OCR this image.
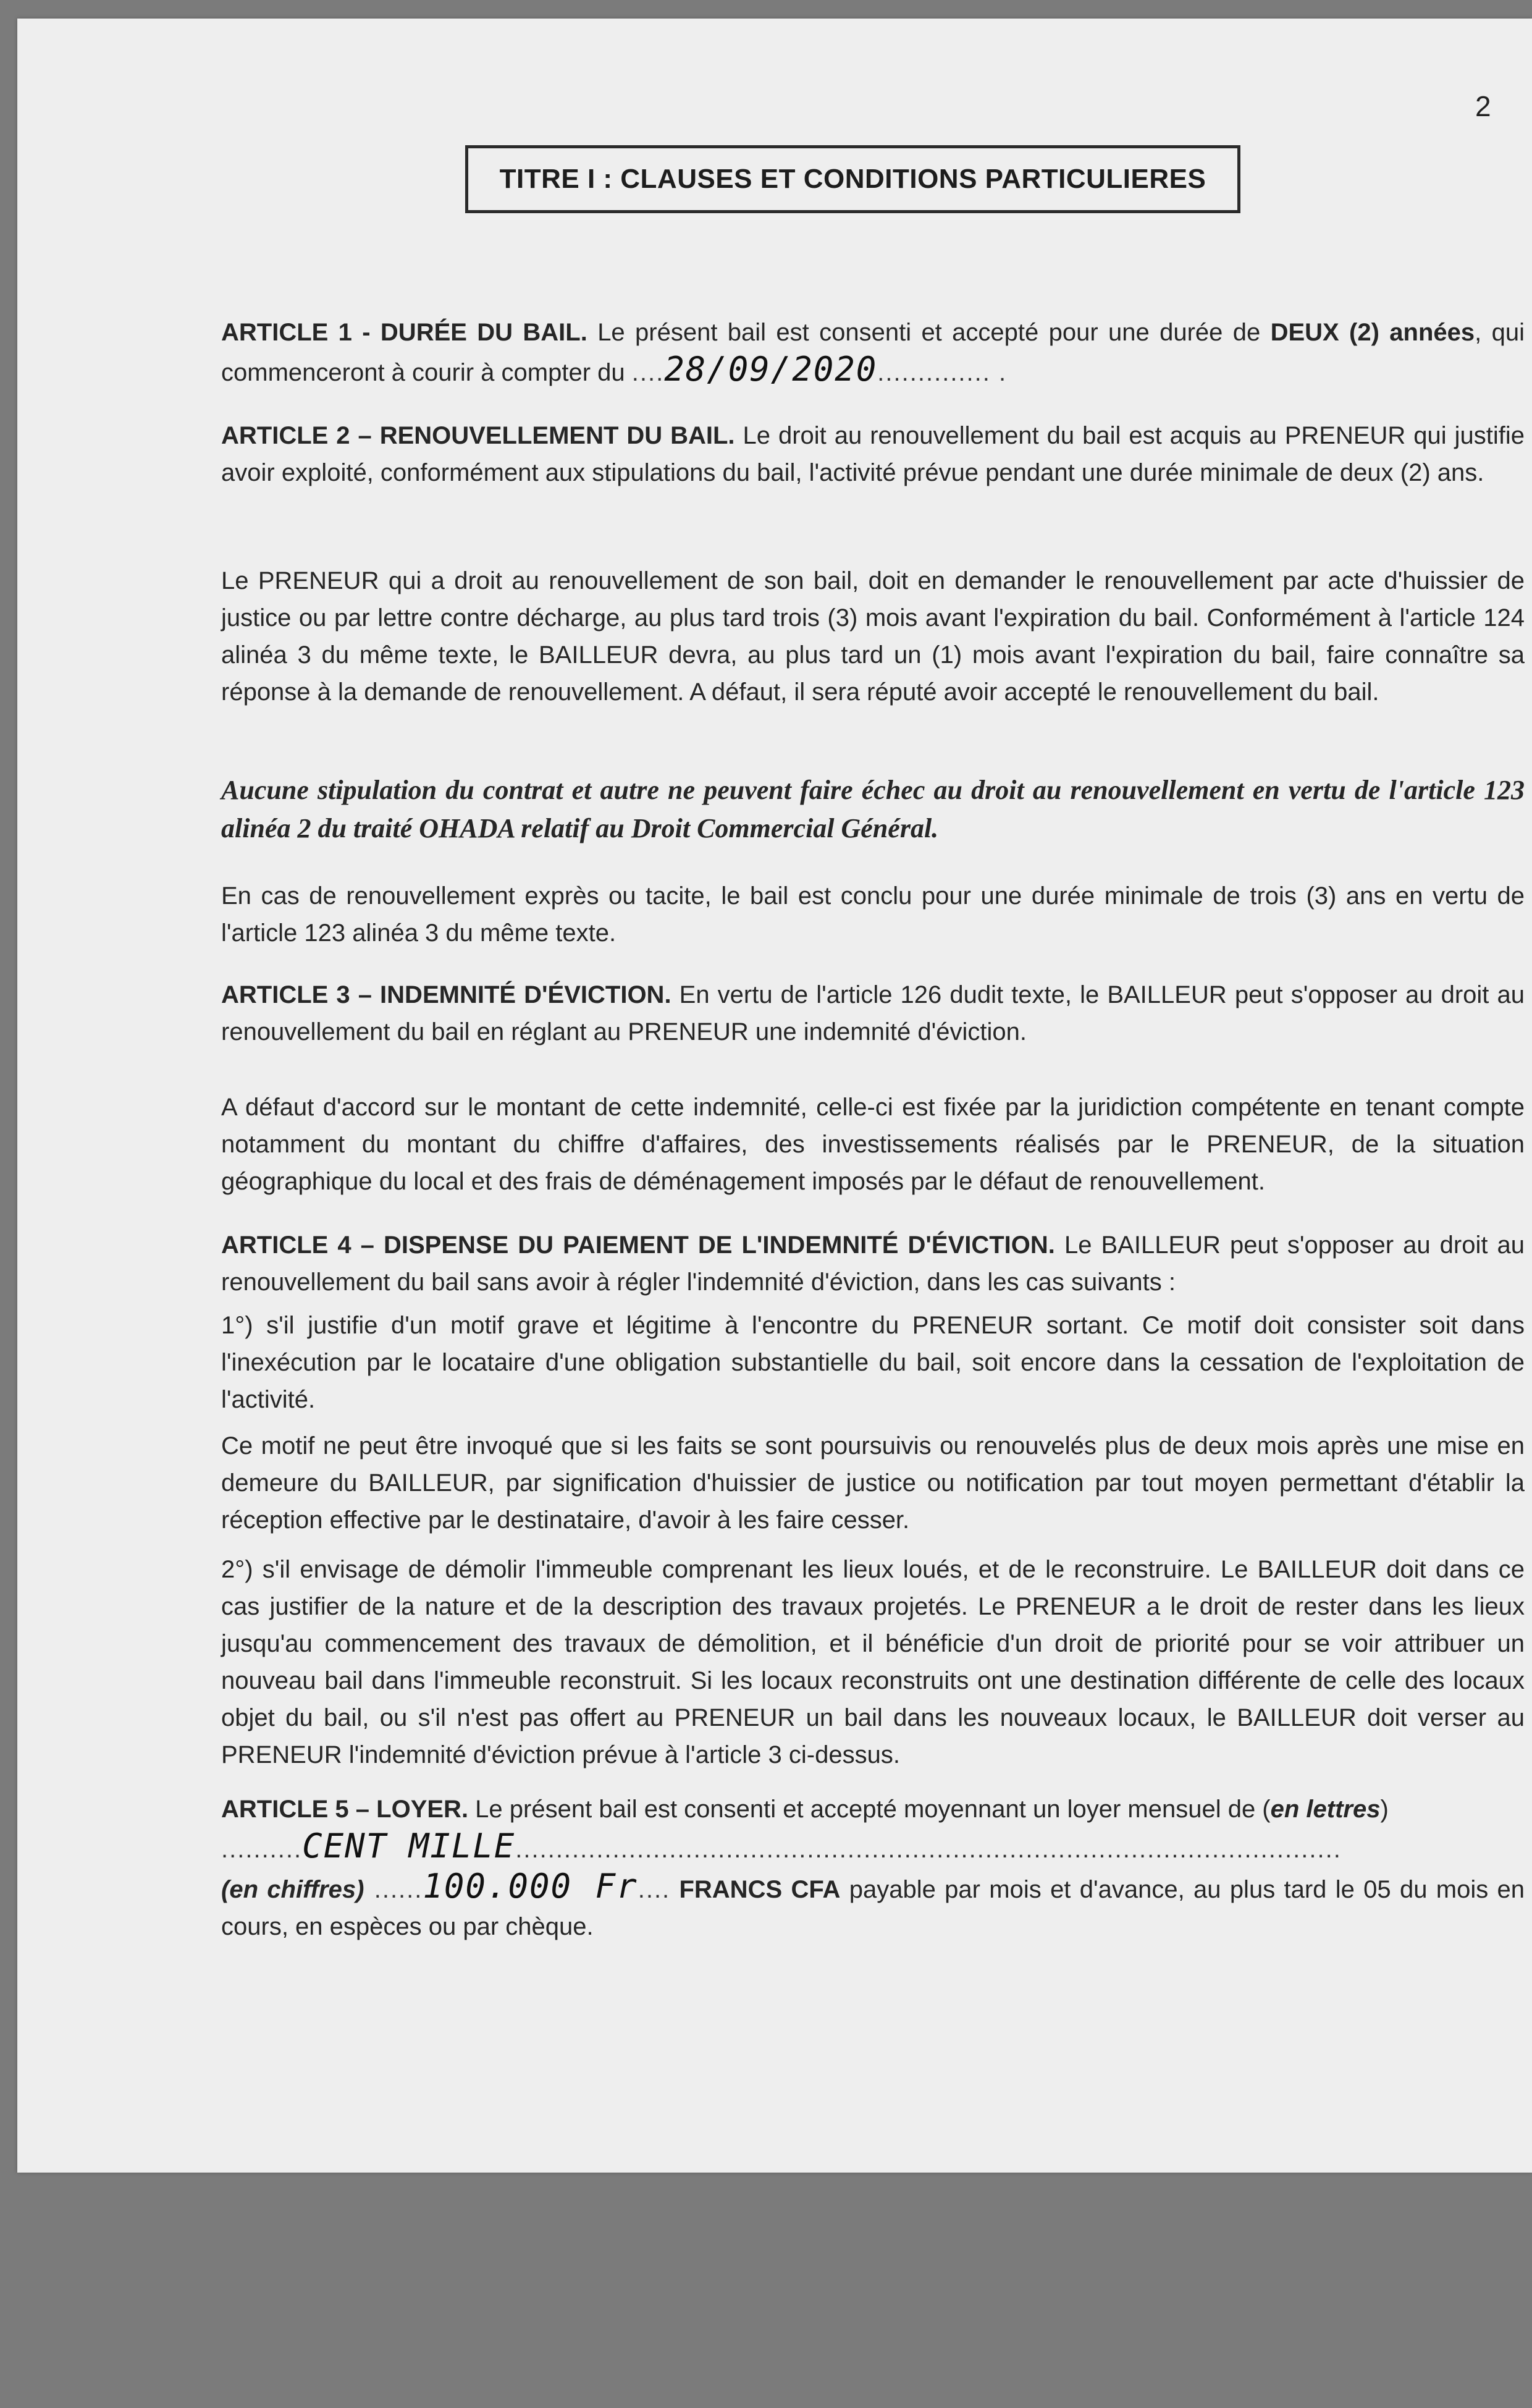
2
TITRE I : CLAUSES ET CONDITIONS PARTICULIERES

ARTICLE 1 - DURÉE DU BAIL. Le présent bail est consenti et accepté pour une durée de DEUX (2) années, qui commenceront à courir à compter du ....28/09/2020.............. .

ARTICLE 2 – RENOUVELLEMENT DU BAIL. Le droit au renouvellement du bail est acquis au PRENEUR qui justifie avoir exploité, conformément aux stipulations du bail, l'activité prévue pendant une durée minimale de deux (2) ans.

Le PRENEUR qui a droit au renouvellement de son bail, doit en demander le renouvellement par acte d'huissier de justice ou par lettre contre décharge, au plus tard trois (3) mois avant l'expiration du bail. Conformément à l'article 124 alinéa 3 du même texte, le BAILLEUR devra, au plus tard un (1) mois avant l'expiration du bail, faire connaître sa réponse à la demande de renouvellement. A défaut, il sera réputé avoir accepté le renouvellement du bail.

Aucune stipulation du contrat et autre ne peuvent faire échec au droit au renouvellement en vertu de l'article 123 alinéa 2 du traité OHADA relatif au Droit Commercial Général.

En cas de renouvellement exprès ou tacite, le bail est conclu pour une durée minimale de trois (3) ans en vertu de l'article 123 alinéa 3 du même texte.

ARTICLE 3 – INDEMNITÉ D'ÉVICTION. En vertu de l'article 126 dudit texte, le BAILLEUR peut s'opposer au droit au renouvellement du bail en réglant au PRENEUR une indemnité d'éviction.

A défaut d'accord sur le montant de cette indemnité, celle-ci est fixée par la juridiction compétente en tenant compte notamment du montant du chiffre d'affaires, des investissements réalisés par le PRENEUR, de la situation géographique du local et des frais de déménagement imposés par le défaut de renouvellement.

ARTICLE 4 – DISPENSE DU PAIEMENT DE L'INDEMNITÉ D'ÉVICTION. Le BAILLEUR peut s'opposer au droit au renouvellement du bail sans avoir à régler l'indemnité d'éviction, dans les cas suivants :

1°) s'il justifie d'un motif grave et légitime à l'encontre du PRENEUR sortant. Ce motif doit consister soit dans l'inexécution par le locataire d'une obligation substantielle du bail, soit encore dans la cessation de l'exploitation de l'activité.

Ce motif ne peut être invoqué que si les faits se sont poursuivis ou renouvelés plus de deux mois après une mise en demeure du BAILLEUR, par signification d'huissier de justice ou notification par tout moyen permettant d'établir la réception effective par le destinataire, d'avoir à les faire cesser.

2°) s'il envisage de démolir l'immeuble comprenant les lieux loués, et de le reconstruire. Le BAILLEUR doit dans ce cas justifier de la nature et de la description des travaux projetés. Le PRENEUR a le droit de rester dans les lieux jusqu'au commencement des travaux de démolition, et il bénéficie d'un droit de priorité pour se voir attribuer un nouveau bail dans l'immeuble reconstruit. Si les locaux reconstruits ont une destination différente de celle des locaux objet du bail, ou s'il n'est pas offert au PRENEUR un bail dans les nouveaux locaux, le BAILLEUR doit verser au PRENEUR l'indemnité d'éviction prévue à l'article 3 ci-dessus.

ARTICLE 5 – LOYER. Le présent bail est consenti et accepté moyennant un loyer mensuel de (en lettres)
..........CENT MILLE......................................................................................................
(en chiffres) ......100.000 Fr.... FRANCS CFA payable par mois et d'avance, au plus tard le 05 du mois en cours, en espèces ou par chèque.
